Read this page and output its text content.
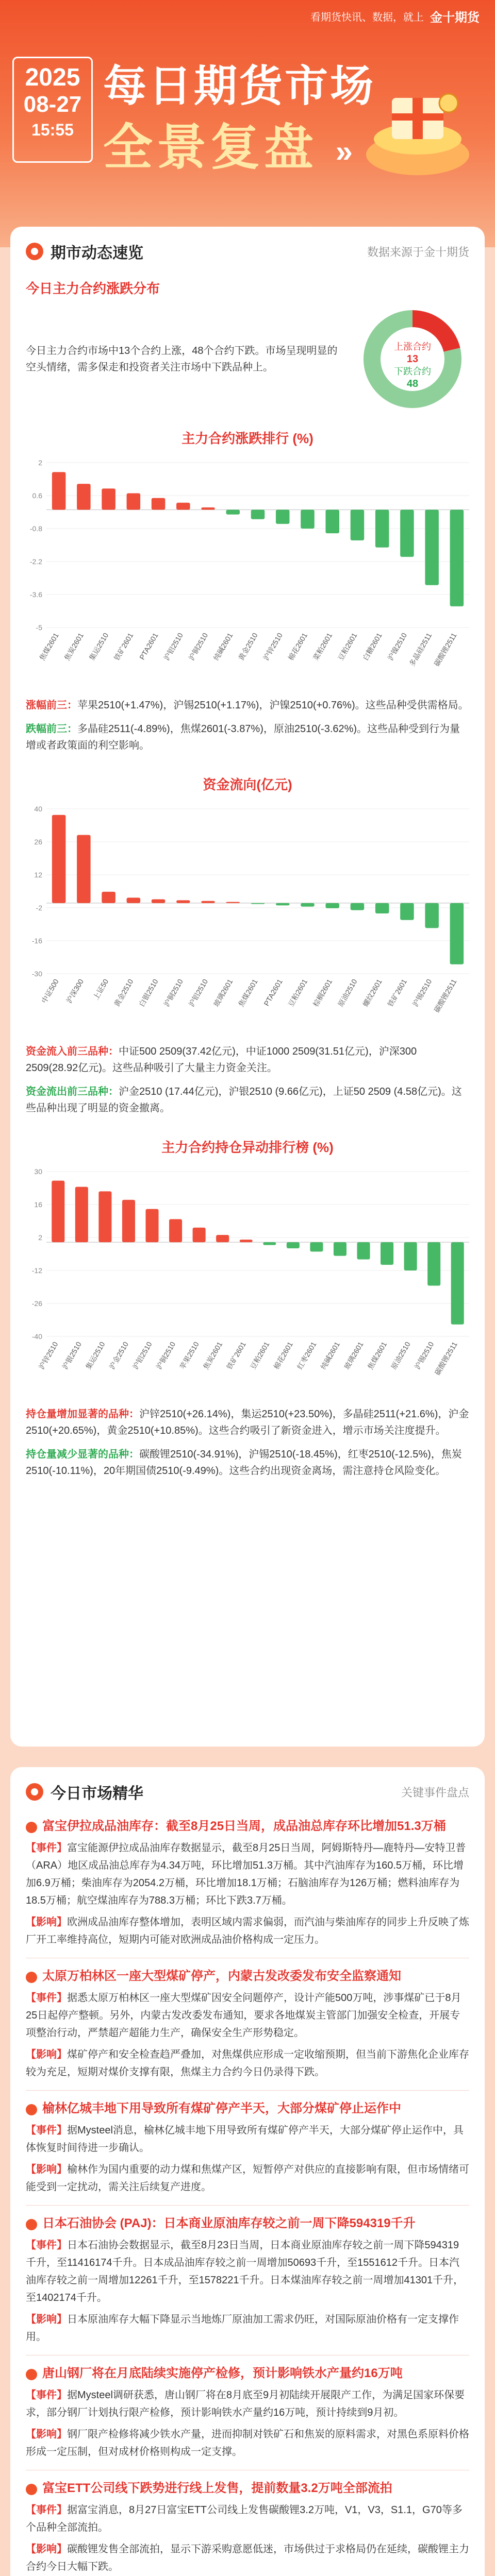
看期货快讯、数据，就上 金十期货
2025
08-27
15:55
每日期货市场
全景复盘 »
期市动态速览	数据来源于金十期货
今日主力合约涨跌分布
今日主力合约市场中13个合约上涨，48个合约下跌。市场呈现明显的空头情绪，需多保走和投资者关注市场中下跌品种上。
上涨合约
13
下跌合约
48
主力合约涨跌排行 (%)
-5
-3.6
-2.2
-0.8
0.6
2
焦煤2601 焦炭2601 集运2510 铁矿2601 PTA2601 沪铝2510 沪铜2510 纯碱2601 黄金2510 沪锌2510 棉花2601 菜粕2601 豆粕2601 白糖2601 沪镍2510
多晶硅2511
碳酸锂2511
涨幅前三：苹果2510(+1.47%)，沪锡2510(+1.17%)，沪镍2510(+0.76%)。这些品种受供需格局。
跌幅前三：多晶硅2511(-4.89%)，焦煤2601(-3.87%)，原油2510(-3.62%)。这些品种受到行为量增或者政策面的利空影响。
资金流向(亿元)
-30
-16
-2
12
26
40
中证500 沪深300 上证50 黄金2510 白银2510 沪铜2510 沪铝2510 玻璃2601 焦煤2601 PTA2601 豆粕2601 棕榈2601 原油2510 螺纹2601 铁矿2601 沪锡2510
碳酸锂2511
资金流入前三品种：中证500 2509(37.42亿元)，中证1000 2509(31.51亿元)，沪深300 2509(28.92亿元)。这些品种吸引了大量主力资金关注。
资金流出前三品种：沪金2510 (17.44亿元)，沪银2510 (9.66亿元)，上证50 2509 (4.58亿元)。这些品种出现了明显的资金撤离。
主力合约持仓异动排行榜 (%)
-40
-26
-12
2
16
30
沪锌2510 沪银2510 集运2510 沪金2510 沪铝2510 沪铜2510 苹果2510 焦炭2601 铁矿2601 豆粕2601 棉花2601 红枣2601 纯碱2601 玻璃2601 焦煤2601 原油2510 沪锡2510
碳酸锂2511
持仓量增加显著的品种：沪锌2510(+26.14%)，集运2510(+23.50%)，多晶硅2511(+21.6%)，沪金2510(+20.65%)，黄金2510(+10.85%)。这些合约吸引了新资金进入，增示市场关注度提升。
持仓量减少显著的品种：碳酸锂2510(-34.91%)，沪锡2510(-18.45%)，红枣2510(-12.5%)，焦炭2510(-10.11%)，20年期国债2510(-9.49%)。这些合约出现资金离场，需注意持仓风险变化。
今日市场精华	关键事件盘点
富宝伊拉成品油库存：截至8月25日当周，成品油总库存环比增加51.3万桶
【事件】富宝能源伊拉成品油库存数据显示，截至8月25日当周，阿姆斯特丹—鹿特丹—安特卫普（ARA）地区成品油总库存为4.34万吨，环比增加51.3万桶。其中汽油库存为160.5万桶，环比增加6.9万桶；柴油库存为2054.2万桶，环比增加18.1万桶；石脑油库存为126万桶；燃料油库存为18.5万桶；航空煤油库存为788.3万桶；环比下跌3.7万桶。
【影响】欧洲成品油库存整体增加，表明区域内需求偏弱，而汽油与柴油库存的同步上升反映了炼厂开工率维持高位，短期内可能对欧洲成品油价格构成一定压力。
太原万柏林区一座大型煤矿停产，内蒙古发改委发布安全监察通知
【事件】据悉太原万柏林区一座大型煤矿因安全问题停产，设计产能500万吨，涉事煤矿已于8月25日起停产整顿。另外，内蒙古发改委发布通知，要求各地煤炭主管部门加强安全检查，开展专项整治行动，严禁超产超能力生产，确保安全生产形势稳定。
【影响】煤矿停产和安全检查趋严叠加，对焦煤供应形成一定收缩预期，但当前下游焦化企业库存较为充足，短期对煤价支撑有限，焦煤主力合约今日仍录得下跌。
榆林亿城丰地下用导致所有煤矿停产半天，大部分煤矿停止运作中
【事件】据Mysteel消息，榆林亿城丰地下用导致所有煤矿停产半天，大部分煤矿停止运作中，具体恢复时间待进一步确认。
【影响】榆林作为国内重要的动力煤和焦煤产区，短暂停产对供应的直接影响有限，但市场情绪可能受到一定扰动，需关注后续复产进度。
日本石油协会 (PAJ)：日本商业原油库存较之前一周下降594319千升
【事件】日本石油协会数据显示，截至8月23日当周，日本商业原油库存较之前一周下降594319千升，至11416174千升。日本成品油库存较之前一周增加50693千升，至1551612千升。日本汽油库存较之前一周增加12261千升，至1578221千升。日本煤油库存较之前一周增加41301千升，至1402174千升。
【影响】日本原油库存大幅下降显示当地炼厂原油加工需求仍旺，对国际原油价格有一定支撑作用。
唐山钢厂将在月底陆续实施停产检修，预计影响铁水产量约16万吨
【事件】据Mysteel调研获悉，唐山钢厂将在8月底至9月初陆续开展限产工作，为满足国家环保要求，部分钢厂计划执行限产检修，预计影响铁水产量约16万吨，预计持续到9月初。
【影响】钢厂限产检修将减少铁水产量，进而抑制对铁矿石和焦炭的原料需求，对黑色系原料价格形成一定压制，但对成材价格则构成一定支撑。
富宝ETT公司线下跌势进行线上发售，提前数量3.2万吨全部流拍
【事件】据富宝消息，8月27日富宝ETT公司线上发售碳酸锂3.2万吨，V1，V3，S1.1，G70等多个品种全部流拍。
【影响】碳酸锂发售全部流拍，显示下游采购意愿低迷，市场供过于求格局仍在延续，碳酸锂主力合约今日大幅下跌。
